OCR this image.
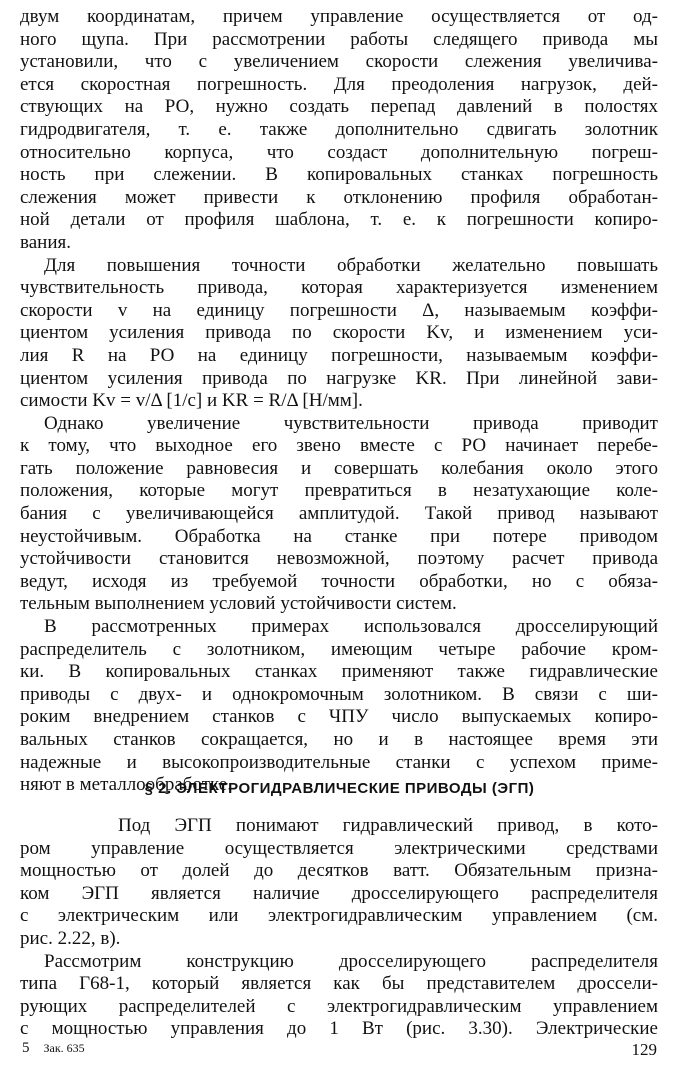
двум координатам, причем управление осуществляется от од-
ного щупа. При рассмотрении работы следящего привода мы
установили, что с увеличением скорости слежения увеличива-
ется скоростная погрешность. Для преодоления нагрузок, дей-
ствующих на РО, нужно создать перепад давлений в полостях
гидродвигателя, т. е. также дополнительно сдвигать золотник
относительно корпуса, что создаст дополнительную погреш-
ность при слежении. В копировальных станках погрешность
слежения может привести к отклонению профиля обработан-
ной детали от профиля шаблона, т. е. к погрешности копиро-
вания.
Для повышения точности обработки желательно повышать
чувствительность привода, которая характеризуется изменением
скорости v на единицу погрешности Δ, называемым коэффи-
циентом усиления привода по скорости Kv, и изменением уси-
лия R на РО на единицу погрешности, называемым коэффи-
циентом усиления привода по нагрузке KR. При линейной зави-
симости Kv = v/Δ [1/c] и KR = R/Δ [Н/мм].
Однако увеличение чувствительности привода приводит
к тому, что выходное его звено вместе с РО начинает перебе-
гать положение равновесия и совершать колебания около этого
положения, которые могут превратиться в незатухающие коле-
бания с увеличивающейся амплитудой. Такой привод называют
неустойчивым. Обработка на станке при потере приводом
устойчивости становится невозможной, поэтому расчет привода
ведут, исходя из требуемой точности обработки, но с обяза-
тельным выполнением условий устойчивости систем.
В рассмотренных примерах использовался дросселирующий
распределитель с золотником, имеющим четыре рабочие кром-
ки. В копировальных станках применяют также гидравлические
приводы с двух- и однокромочным золотником. В связи с ши-
роким внедрением станков с ЧПУ число выпускаемых копиро-
вальных станков сокращается, но и в настоящее время эти
надежные и высокопроизводительные станки с успехом приме-
няют в металлообработке.
§ 2. ЭЛЕКТРОГИДРАВЛИЧЕСКИЕ ПРИВОДЫ (ЭГП)
Под ЭГП понимают гидравлический привод, в кото-
ром управление осуществляется электрическими средствами
мощностью от долей до десятков ватт. Обязательным призна-
ком ЭГП является наличие дросселирующего распределителя
с электрическим или электрогидравлическим управлением (см.
рис. 2.22, в).
Рассмотрим конструкцию дросселирующего распределителя
типа Г68-1, который является как бы представителем дроссели-
рующих распределителей с электрогидравлическим управлением
с мощностью управления до 1 Вт (рис. 3.30). Электрические
5 Зак. 635	129
